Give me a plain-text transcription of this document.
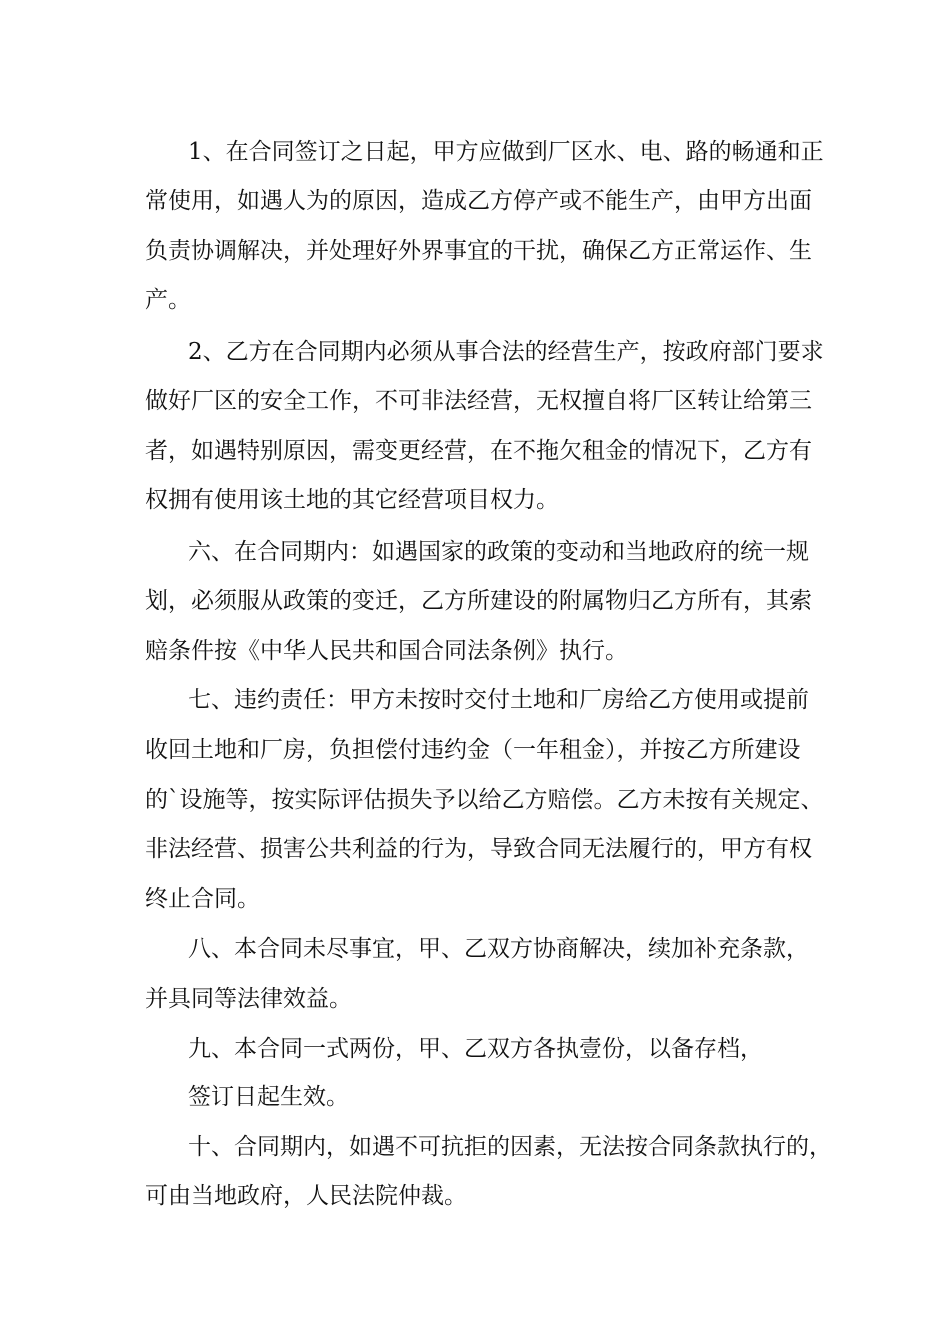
1、在合同签订之日起，甲方应做到厂区水、电、路的畅通和正
常使用，如遇人为的原因，造成乙方停产或不能生产，由甲方出面
负责协调解决，并处理好外界事宜的干扰，确保乙方正常运作、生
产。
2、乙方在合同期内必须从事合法的经营生产，按政府部门要求
做好厂区的安全工作，不可非法经营，无权擅自将厂区转让给第三
者，如遇特别原因，需变更经营，在不拖欠租金的情况下，乙方有
权拥有使用该土地的其它经营项目权力。
六、在合同期内：如遇国家的政策的变动和当地政府的统一规
划，必须服从政策的变迁，乙方所建设的附属物归乙方所有，其索
赔条件按《中华人民共和国合同法条例》执行。
七、违约责任：甲方未按时交付土地和厂房给乙方使用或提前
收回土地和厂房，负担偿付违约金（一年租金），并按乙方所建设
的`设施等，按实际评估损失予以给乙方赔偿。乙方未按有关规定、
非法经营、损害公共利益的行为，导致合同无法履行的，甲方有权
终止合同。
八、本合同未尽事宜，甲、乙双方协商解决，续加补充条款，
并具同等法律效益。
九、本合同一式两份，甲、乙双方各执壹份，以备存档，
签订日起生效。
十、合同期内，如遇不可抗拒的因素，无法按合同条款执行的，
可由当地政府，人民法院仲裁。
